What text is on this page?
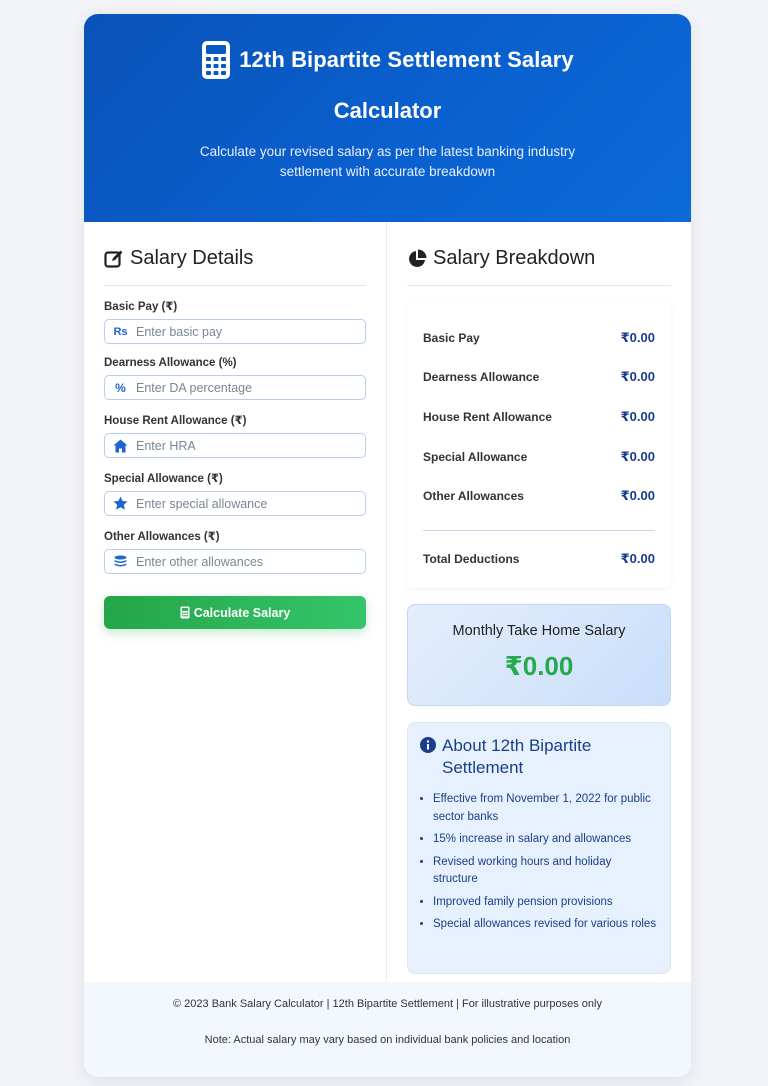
12th Bipartite Settlement Salary
Calculator
Calculate your revised salary as per the latest banking industry settlement with accurate breakdown
Salary Details
Basic Pay (₹)
Rs
Enter basic pay
Dearness Allowance (%)
%
Enter DA percentage
House Rent Allowance (₹)
Enter HRA
Special Allowance (₹)
Enter special allowance
Other Allowances (₹)
Enter other allowances
Calculate Salary
Salary Breakdown
Basic Pay	₹0.00
Dearness Allowance	₹0.00
House Rent Allowance	₹0.00
Special Allowance	₹0.00
Other Allowances	₹0.00
Total Deductions	₹0.00
Monthly Take Home Salary
₹0.00
About 12th Bipartite Settlement
• Effective from November 1, 2022 for public sector banks
• 15% increase in salary and allowances
• Revised working hours and holiday structure
• Improved family pension provisions
• Special allowances revised for various roles
© 2023 Bank Salary Calculator | 12th Bipartite Settlement | For illustrative purposes only
Note: Actual salary may vary based on individual bank policies and location
